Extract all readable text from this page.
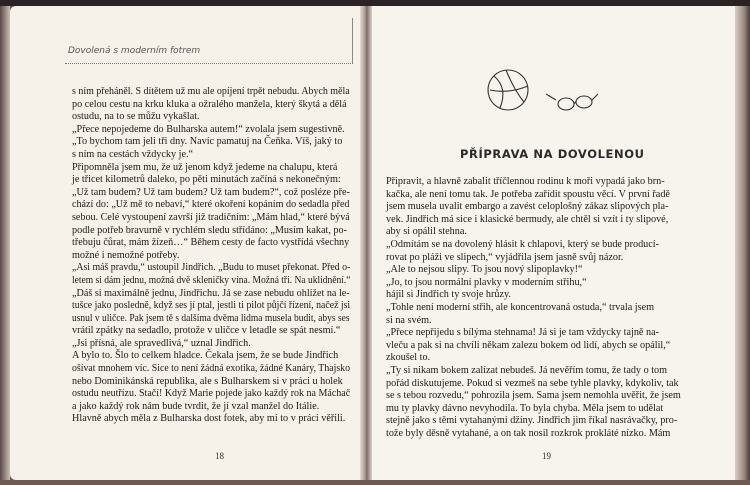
Dovolená s moderním fotrem
s ním přeháněl. S dítětem už mu ale opíjení trpět nebudu. Abych měla
po celou cestu na krku kluka a ožralého manžela, který škytá a dělá
ostudu, na to se můžu vykašlat.
„Přece nepojedeme do Bulharska autem!“ zvolala jsem sugestivně.
„To bychom tam jeli tři dny. Navíc pamatuj na Čeňka. Víš, jaký to
s ním na cestách vždycky je.“
Připomněla jsem mu, že už jenom když jedeme na chalupu, která
je třicet kilometrů daleko, po pěti minutách začíná s nekonečným:
„Už tam budem? Už tam budem? Už tam budem?“, což posléze pře-
chází do: „Už mě to nebaví,“ které okoření kopáním do sedadla před
sebou. Celé vystoupení završí již tradičním: „Mám hlad,“ které bývá
podle potřeb bravurně v rychlém sledu střídáno: „Musím kakat, po-
třebuju čůrat, mám žízeň…“ Během cesty de facto vystřídá všechny
možné i nemožné potřeby.
„Asi máš pravdu,“ ustoupil Jindřich. „Budu to muset překonat. Před o-
letem si dám jednu, možná dvě skleničky vína. Možná tři. Na uklidnění.“
„Dáš si maximálně jednu, Jindřichu. Já se zase nebudu ohlížet na le-
tušce jako posledně, když ses jí ptal, jestli ti pilot půjčí řízení, načež jsi
usnul v uličce. Pak jsem tě s dalšíma dvěma lidma musela budit, abys ses
vrátil zpátky na sedadlo, protože v uličce v letadle se spát nesmí.“
„Jsi přísná, ale spravedlivá,“ uznal Jindřich.
A bylo to. Šlo to celkem hladce. Čekala jsem, že se bude Jindřich
ošívat mnohem víc. Sice to není žádná exotika, žádné Kanáry, Thajsko
nebo Dominikánská republika, ale s Bulharskem si v práci u holek
ostudu neutřízu. Stačí! Když Marie pojede jako každý rok na Máchač
a jako každý rok nám bude tvrdit, že jí vzal manžel do Itálie.
Hlavně abych měla z Bulharska dost fotek, aby mi to v práci věřili.
18
PŘÍPRAVA NA DOVOLENOU
Připravit, a hlavně zabalit tříčlennou rodinu k moři vypadá jako brn-
kačka, ale není tomu tak. Je potřeba zařídit spoustu věcí. V první řadě
jsem musela uvalit embargo a zavést celoplošný zákaz slipových pla-
vek. Jindřich má sice i klasické bermudy, ale chtěl si vzít i ty slipové,
aby si opálil stehna.
„Odmítám se na dovolený hlásit k chlapovi, který se bude producí-
rovat po pláži ve slipech,“ vyjádřila jsem jasně svůj názor.
„Ale to nejsou slipy. To jsou nový slipoplavky!“
„Jo, to jsou normální plavky v moderním střihu,“
hájil si Jindřich ty svoje hrůzy.
„Tohle není moderní střih, ale koncentrovaná ostuda,“ trvala jsem
si na svém.
„Přece nepřijedu s bílýma stehnama! Já si je tam vždycky tajně na-
vleču a pak si na chvíli někam zalezu bokem od lidí, abych se opálil,“
zkoušel to.
„Ty si nikam bokem zalízat nebudeš. Já nevěřím tomu, že tady o tom
pořád diskutujeme. Pokud si vezmeš na sebe tyhle plavky, kdykoliv, tak
se s tebou rozvedu,“ pohrozila jsem. Sama jsem nemohla uvěřit, že jsem
mu ty plavky dávno nevyhodila. To byla chyba. Měla jsem to udělat
stejně jako s těmi vytahanými džíny. Jindřich jim říkal nasrávačky, pro-
tože byly děsně vytahané, a on tak nosil rozkrok prokláté nízko. Mám
19
